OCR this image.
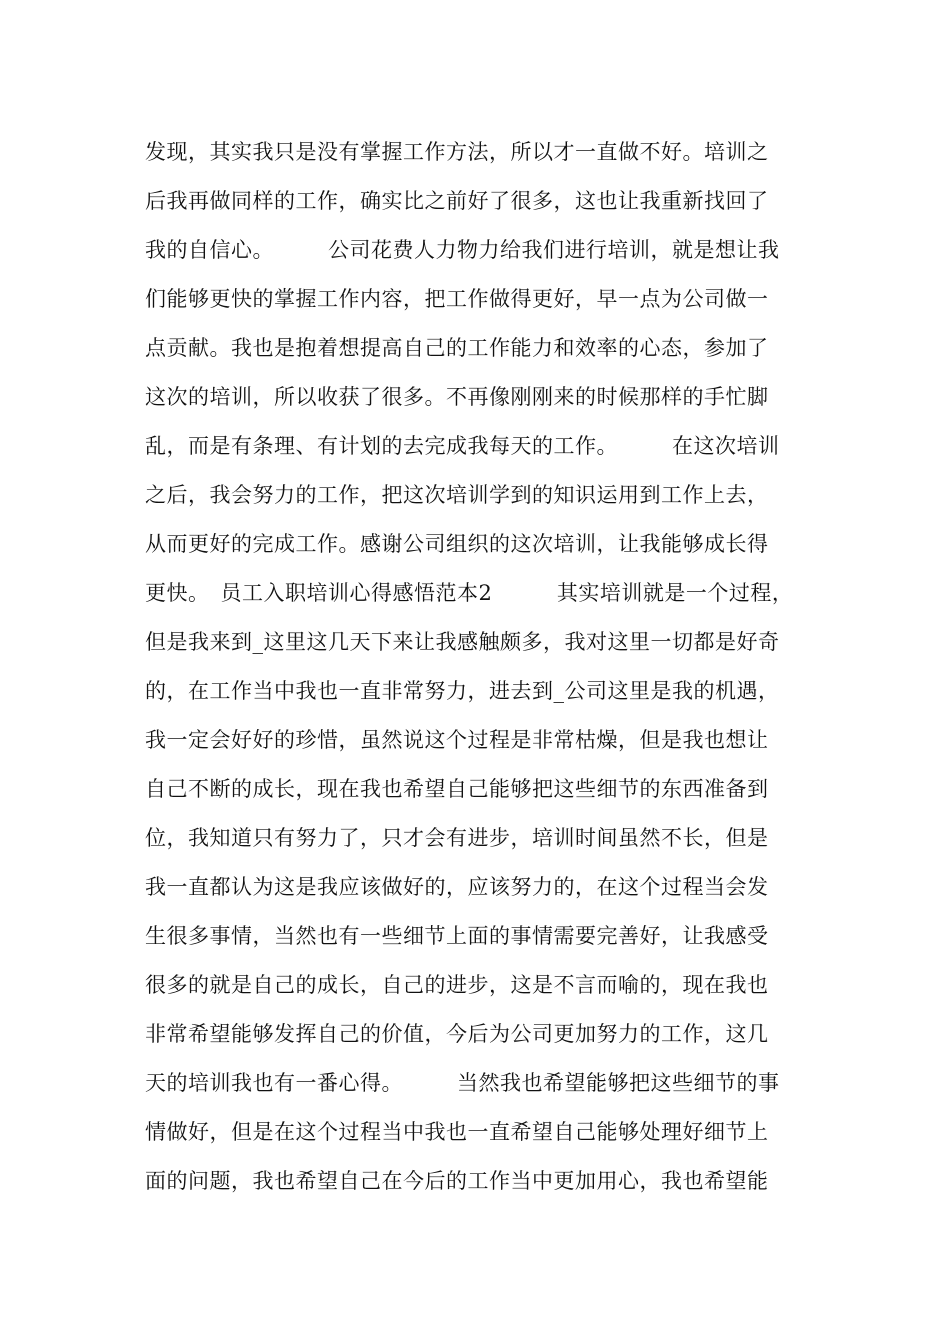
发现，其实我只是没有掌握工作方法，所以才一直做不好。培训之
后我再做同样的工作，确实比之前好了很多，这也让我重新找回了
我的自信心。　　　公司花费人力物力给我们进行培训，就是想让我
们能够更快的掌握工作内容，把工作做得更好，早一点为公司做一
点贡献。我也是抱着想提高自己的工作能力和效率的心态，参加了
这次的培训，所以收获了很多。不再像刚刚来的时候那样的手忙脚
乱，而是有条理、有计划的去完成我每天的工作。　　　在这次培训
之后，我会努力的工作，把这次培训学到的知识运用到工作上去，
从而更好的完成工作。感谢公司组织的这次培训，让我能够成长得
更快。　员工入职培训心得感悟范本2　　　其实培训就是一个过程，
但是我来到_这里这几天下来让我感触颇多，我对这里一切都是好奇
的，在工作当中我也一直非常努力，进去到_公司这里是我的机遇，
我一定会好好的珍惜，虽然说这个过程是非常枯燥，但是我也想让
自己不断的成长，现在我也希望自己能够把这些细节的东西准备到
位，我知道只有努力了，只才会有进步，培训时间虽然不长，但是
我一直都认为这是我应该做好的，应该努力的，在这个过程当会发
生很多事情，当然也有一些细节上面的事情需要完善好，让我感受
很多的就是自己的成长，自己的进步，这是不言而喻的，现在我也
非常希望能够发挥自己的价值，今后为公司更加努力的工作，这几
天的培训我也有一番心得。　　　当然我也希望能够把这些细节的事
情做好，但是在这个过程当中我也一直希望自己能够处理好细节上
面的问题，我也希望自己在今后的工作当中更加用心，我也希望能
